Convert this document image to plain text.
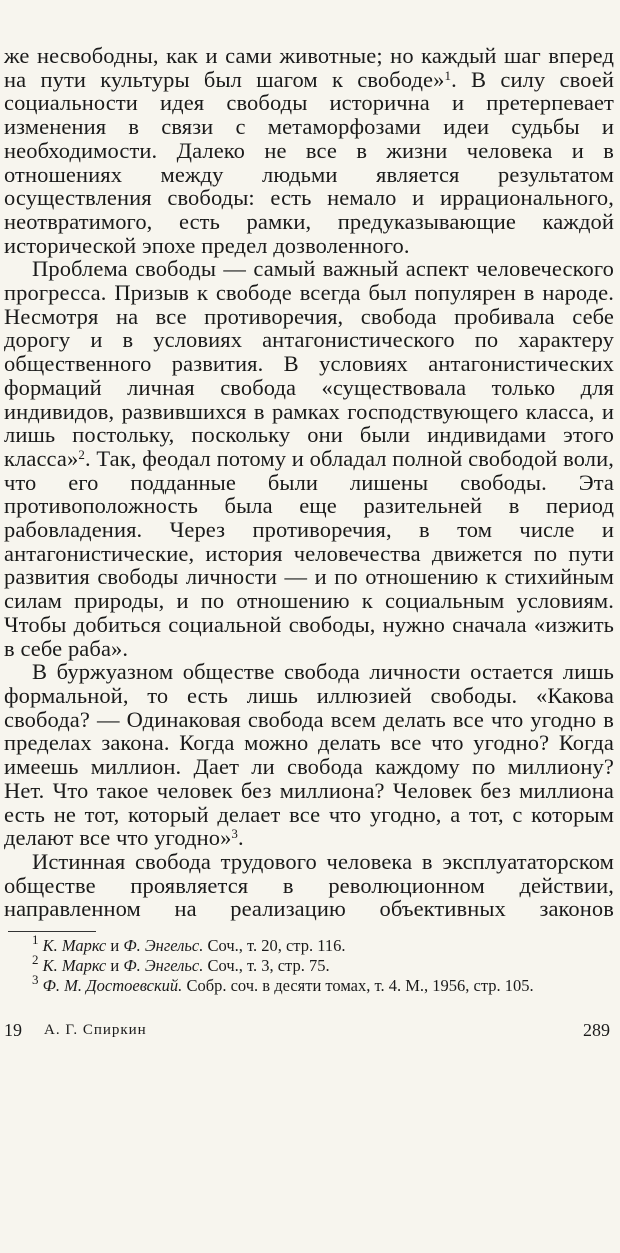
же несвободны, как и сами животные; но каждый шаг вперед на пути культуры был шагом к свободе»$^1$. В силу своей социальности идея свободы исторична и претерпевает изменения в связи с метаморфозами идеи судьбы и необходимости. Далеко не все в жизни человека и в отношениях между людьми является результатом осуществления свободы: есть немало и иррационального, неотвратимого, есть рамки, предуказывающие каждой исторической эпохе предел дозволенного.
Проблема свободы — самый важный аспект человеческого прогресса. Призыв к свободе всегда был популярен в народе. Несмотря на все противоречия, свобода пробивала себе дорогу и в условиях антагонистического по характеру общественного развития. В условиях антагонистических формаций личная свобода «существовала только для индивидов, развившихся в рамках господствующего класса, и лишь постольку, поскольку они были индивидами этого класса»$^2$. Так, феодал потому и обладал полной свободой воли, что его подданные были лишены свободы. Эта противоположность была еще разительней в период рабовладения. Через противоречия, в том числе и антагонистические, история человечества движется по пути развития свободы личности — и по отношению к стихийным силам природы, и по отношению к социальным условиям. Чтобы добиться социальной свободы, нужно сначала «изжить в себе раба».
В буржуазном обществе свобода личности остается лишь формальной, то есть лишь иллюзией свободы. «Какова свобода? — Одинаковая свобода всем делать все что угодно в пределах закона. Когда можно делать все что угодно? Когда имеешь миллион. Дает ли свобода каждому по миллиону? Нет. Что такое человек без миллиона? Человек без миллиона есть не тот, который делает все что угодно, а тот, с которым делают все что угодно»$^3$.
Истинная свобода трудового человека в эксплуататорском обществе проявляется в революционном действии, направленном на реализацию объективных законов
$^1$ К. Маркс и Ф. Энгельс. Соч., т. 20, стр. 116.
$^2$ К. Маркс и Ф. Энгельс. Соч., т. 3, стр. 75.
$^3$ Ф. М. Достоевский. Собр. соч. в десяти томах, т. 4. М., 1956, стр. 105.
19 А. Г. Спиркин	289
